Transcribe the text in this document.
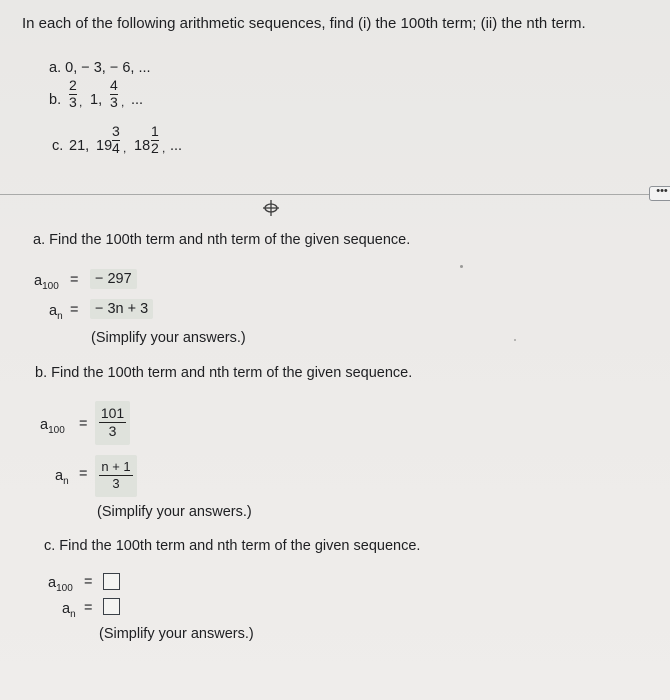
In each of the following arithmetic sequences, find (i) the 100th term; (ii) the nth term.
a. 0, − 3, − 6, ...
b.
2
3 , 1,
4
3 , ...
c. 21, 19
3
4 , 18
1
2 , ...
•••
a. Find the 100th term and nth term of the given sequence.
$a_{100}$ =	− 297
$a_n$ =	− 3n + 3
(Simplify your answers.)
b. Find the 100th term and nth term of the given sequence.
$a_{100}$ =
101
3
$a_n = n + 1$
3
(Simplify your answers.)
c. Find the 100th term and nth term of the given sequence.
$a_{100}$ =
$a_n$ =
(Simplify your answers.)
